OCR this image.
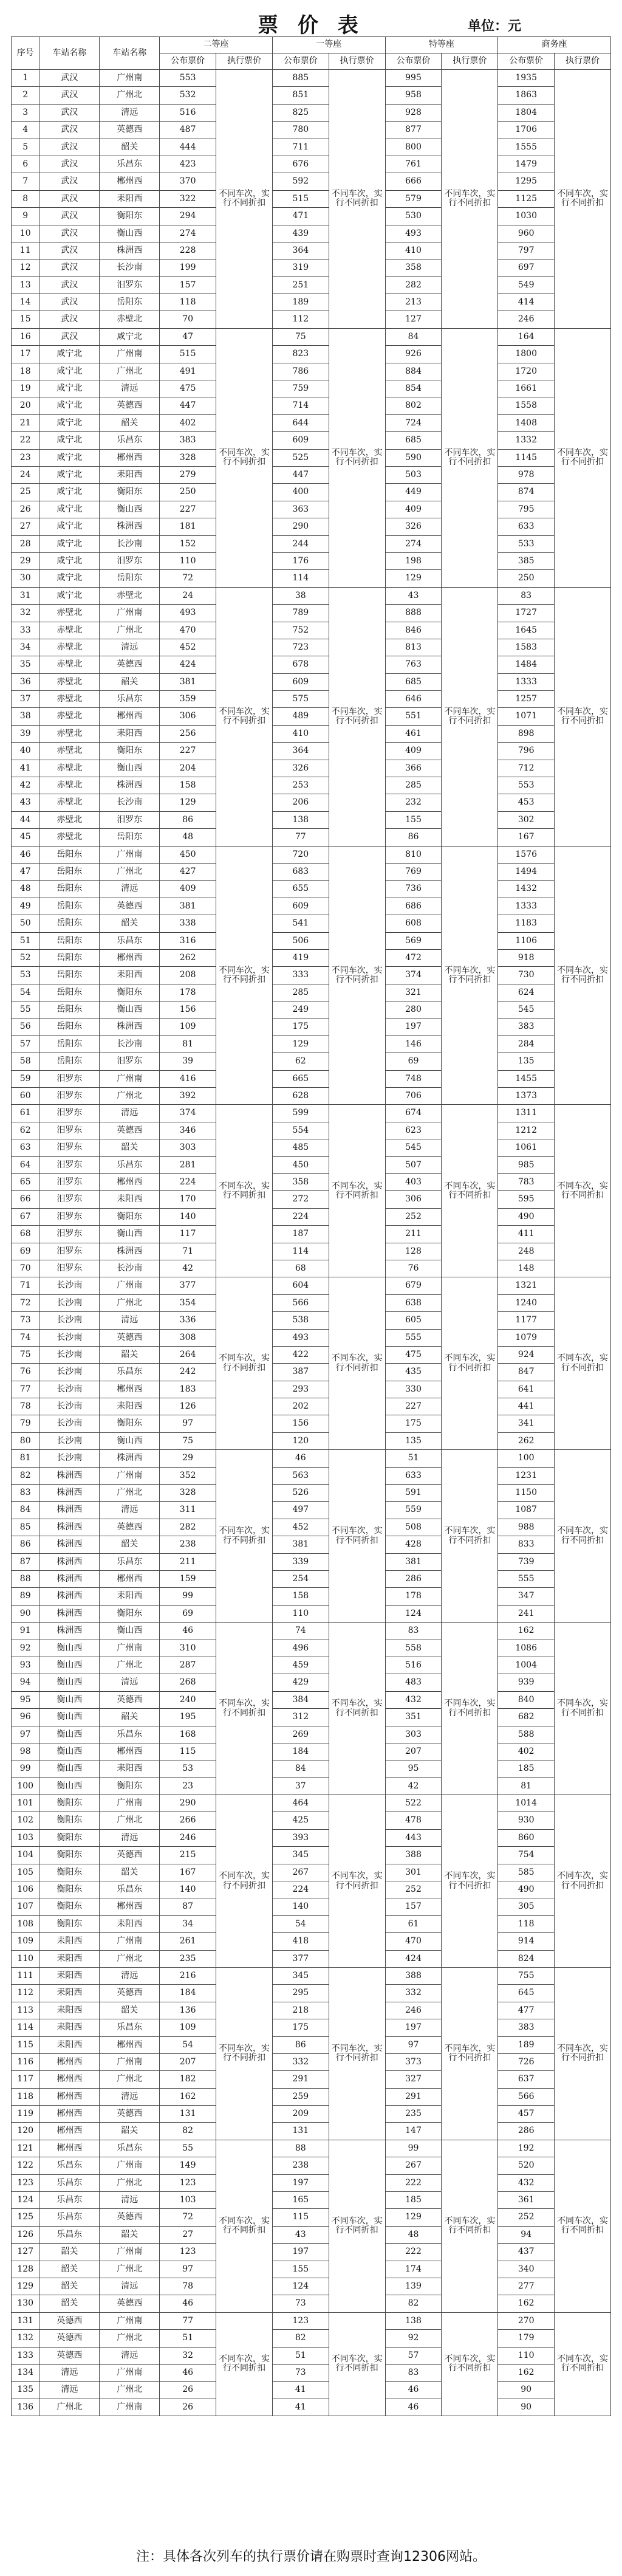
票 价 表	单位：元
序号	车站名称	车站名称	二等座		一等座		特等座		商务座	
			公布票价	执行票价	公布票价	执行票价	公布票价	执行票价	公布票价	执行票价
1	武汉	广州南	553	不同车次，实行不同折扣	885	不同车次，实行不同折扣	995	不同车次，实行不同折扣	1935	不同车次，实行不同折扣
2	武汉	广州北	532		851		958		1863	
3	武汉	清远	516		825		928		1804	
4	武汉	英德西	487		780		877		1706	
5	武汉	韶关	444		711		800		1555	
6	武汉	乐昌东	423		676		761		1479	
7	武汉	郴州西	370		592		666		1295	
8	武汉	耒阳西	322		515		579		1125	
9	武汉	衡阳东	294		471		530		1030	
10	武汉	衡山西	274		439		493		960	
11	武汉	株洲西	228		364		410		797	
12	武汉	长沙南	199		319		358		697	
13	武汉	汨罗东	157		251		282		549	
14	武汉	岳阳东	118		189		213		414	
15	武汉	赤壁北	70		112		127		246	
16	武汉	咸宁北	47	不同车次，实行不同折扣	75	不同车次，实行不同折扣	84	不同车次，实行不同折扣	164	不同车次，实行不同折扣
17	咸宁北	广州南	515		823		926		1800	
18	咸宁北	广州北	491		786		884		1720	
19	咸宁北	清远	475		759		854		1661	
20	咸宁北	英德西	447		714		802		1558	
21	咸宁北	韶关	402		644		724		1408	
22	咸宁北	乐昌东	383		609		685		1332	
23	咸宁北	郴州西	328		525		590		1145	
24	咸宁北	耒阳西	279		447		503		978	
25	咸宁北	衡阳东	250		400		449		874	
26	咸宁北	衡山西	227		363		409		795	
27	咸宁北	株洲西	181		290		326		633	
28	咸宁北	长沙南	152		244		274		533	
29	咸宁北	汨罗东	110		176		198		385	
30	咸宁北	岳阳东	72		114		129		250	
31	咸宁北	赤壁北	24	不同车次，实行不同折扣	38	不同车次，实行不同折扣	43	不同车次，实行不同折扣	83	不同车次，实行不同折扣
32	赤壁北	广州南	493		789		888		1727	
33	赤壁北	广州北	470		752		846		1645	
34	赤壁北	清远	452		723		813		1583	
35	赤壁北	英德西	424		678		763		1484	
36	赤壁北	韶关	381		609		685		1333	
37	赤壁北	乐昌东	359		575		646		1257	
38	赤壁北	郴州西	306		489		551		1071	
39	赤壁北	耒阳西	256		410		461		898	
40	赤壁北	衡阳东	227		364		409		796	
41	赤壁北	衡山西	204		326		366		712	
42	赤壁北	株洲西	158		253		285		553	
43	赤壁北	长沙南	129		206		232		453	
44	赤壁北	汨罗东	86		138		155		302	
45	赤壁北	岳阳东	48		77		86		167	
46	岳阳东	广州南	450	不同车次，实行不同折扣	720	不同车次，实行不同折扣	810	不同车次，实行不同折扣	1576	不同车次，实行不同折扣
47	岳阳东	广州北	427		683		769		1494	
48	岳阳东	清远	409		655		736		1432	
49	岳阳东	英德西	381		609		686		1333	
50	岳阳东	韶关	338		541		608		1183	
51	岳阳东	乐昌东	316		506		569		1106	
52	岳阳东	郴州西	262		419		472		918	
53	岳阳东	耒阳西	208		333		374		730	
54	岳阳东	衡阳东	178		285		321		624	
55	岳阳东	衡山西	156		249		280		545	
56	岳阳东	株洲西	109		175		197		383	
57	岳阳东	长沙南	81		129		146		284	
58	岳阳东	汨罗东	39		62		69		135	
59	汨罗东	广州南	416		665		748		1455	
60	汨罗东	广州北	392		628		706		1373	
61	汨罗东	清远	374	不同车次，实行不同折扣	599	不同车次，实行不同折扣	674	不同车次，实行不同折扣	1311	不同车次，实行不同折扣
62	汨罗东	英德西	346		554		623		1212	
63	汨罗东	韶关	303		485		545		1061	
64	汨罗东	乐昌东	281		450		507		985	
65	汨罗东	郴州西	224		358		403		783	
66	汨罗东	耒阳西	170		272		306		595	
67	汨罗东	衡阳东	140		224		252		490	
68	汨罗东	衡山西	117		187		211		411	
69	汨罗东	株洲西	71		114		128		248	
70	汨罗东	长沙南	42		68		76		148	
71	长沙南	广州南	377	不同车次，实行不同折扣	604	不同车次，实行不同折扣	679	不同车次，实行不同折扣	1321	不同车次，实行不同折扣
72	长沙南	广州北	354		566		638		1240	
73	长沙南	清远	336		538		605		1177	
74	长沙南	英德西	308		493		555		1079	
75	长沙南	韶关	264		422		475		924	
76	长沙南	乐昌东	242		387		435		847	
77	长沙南	郴州西	183		293		330		641	
78	长沙南	耒阳西	126		202		227		441	
79	长沙南	衡阳东	97		156		175		341	
80	长沙南	衡山西	75		120		135		262	
81	长沙南	株洲西	29	不同车次，实行不同折扣	46	不同车次，实行不同折扣	51	不同车次，实行不同折扣	100	不同车次，实行不同折扣
82	株洲西	广州南	352		563		633		1231	
83	株洲西	广州北	328		526		591		1150	
84	株洲西	清远	311		497		559		1087	
85	株洲西	英德西	282		452		508		988	
86	株洲西	韶关	238		381		428		833	
87	株洲西	乐昌东	211		339		381		739	
88	株洲西	郴州西	159		254		286		555	
89	株洲西	耒阳西	99		158		178		347	
90	株洲西	衡阳东	69		110		124		241	
91	株洲西	衡山西	46	不同车次，实行不同折扣	74	不同车次，实行不同折扣	83	不同车次，实行不同折扣	162	不同车次，实行不同折扣
92	衡山西	广州南	310		496		558		1086	
93	衡山西	广州北	287		459		516		1004	
94	衡山西	清远	268		429		483		939	
95	衡山西	英德西	240		384		432		840	
96	衡山西	韶关	195		312		351		682	
97	衡山西	乐昌东	168		269		303		588	
98	衡山西	郴州西	115		184		207		402	
99	衡山西	耒阳西	53		84		95		185	
100	衡山西	衡阳东	23		37		42		81	
101	衡阳东	广州南	290	不同车次，实行不同折扣	464	不同车次，实行不同折扣	522	不同车次，实行不同折扣	1014	不同车次，实行不同折扣
102	衡阳东	广州北	266		425		478		930	
103	衡阳东	清远	246		393		443		860	
104	衡阳东	英德西	215		345		388		754	
105	衡阳东	韶关	167		267		301		585	
106	衡阳东	乐昌东	140		224		252		490	
107	衡阳东	郴州西	87		140		157		305	
108	衡阳东	耒阳西	34		54		61		118	
109	耒阳西	广州南	261		418		470		914	
110	耒阳西	广州北	235		377		424		824	
111	耒阳西	清远	216	不同车次，实行不同折扣	345	不同车次，实行不同折扣	388	不同车次，实行不同折扣	755	不同车次，实行不同折扣
112	耒阳西	英德西	184		295		332		645	
113	耒阳西	韶关	136		218		246		477	
114	耒阳西	乐昌东	109		175		197		383	
115	耒阳西	郴州西	54		86		97		189	
116	郴州西	广州南	207		332		373		726	
117	郴州西	广州北	182		291		327		637	
118	郴州西	清远	162		259		291		566	
119	郴州西	英德西	131		209		235		457	
120	郴州西	韶关	82		131		147		286	
121	郴州西	乐昌东	55	不同车次，实行不同折扣	88	不同车次，实行不同折扣	99	不同车次，实行不同折扣	192	不同车次，实行不同折扣
122	乐昌东	广州南	149		238		267		520	
123	乐昌东	广州北	123		197		222		432	
124	乐昌东	清远	103		165		185		361	
125	乐昌东	英德西	72		115		129		252	
126	乐昌东	韶关	27		43		48		94	
127	韶关	广州南	123		197		222		437	
128	韶关	广州北	97		155		174		340	
129	韶关	清远	78		124		139		277	
130	韶关	英德西	46		73		82		162	
131	英德西	广州南	77	不同车次，实行不同折扣	123	不同车次，实行不同折扣	138	不同车次，实行不同折扣	270	不同车次，实行不同折扣
132	英德西	广州北	51		82		92		179	
133	英德西	清远	32		51		57		110	
134	清远	广州南	46		73		83		162	
135	清远	广州北	26		41		46		90	
136	广州北	广州南	26		41		46		90	
注：具体各次列车的执行票价请在购票时查询12306网站。
